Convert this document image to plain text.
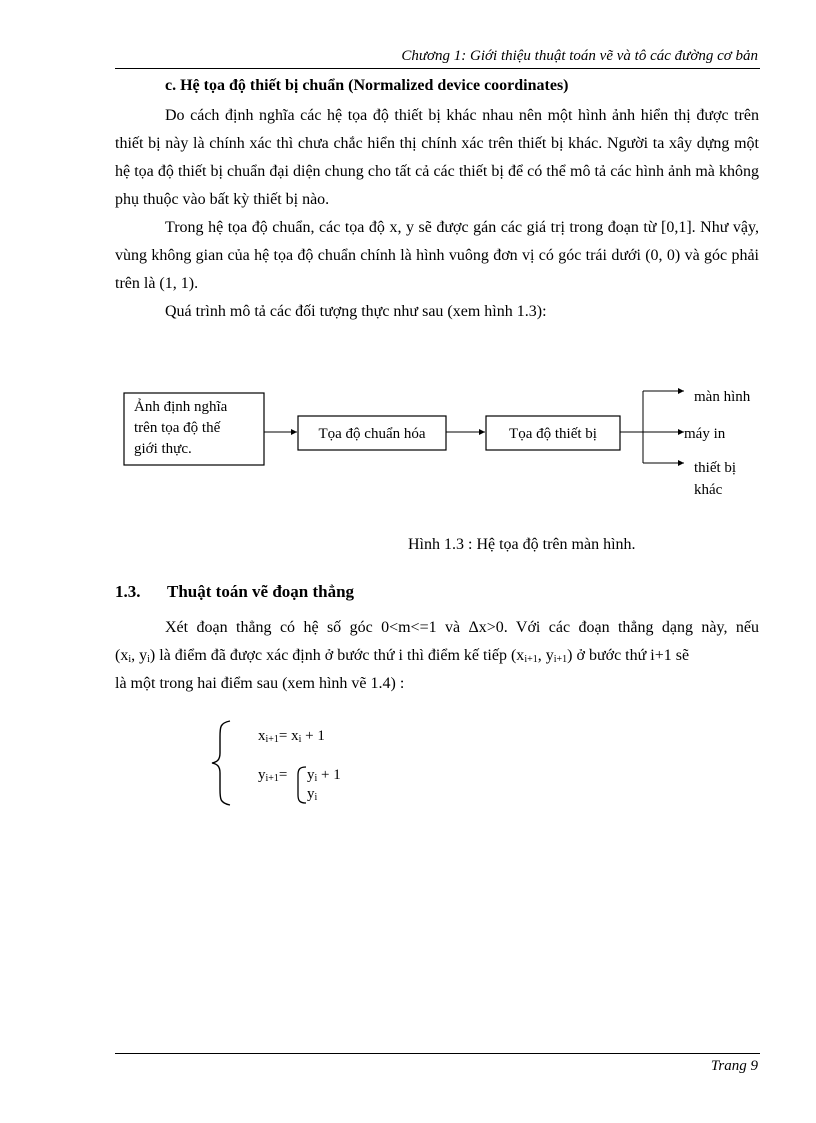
Chương 1: Giới thiệu thuật toán vẽ và tô các đường cơ bản
c. Hệ tọa độ thiết bị chuẩn (Normalized device coordinates)

Do cách định nghĩa các hệ tọa độ thiết bị khác nhau nên một hình ảnh hiển thị được trên thiết bị này là chính xác thì chưa chắc hiển thị chính xác trên thiết bị khác. Người ta xây dựng một hệ tọa độ thiết bị chuẩn đại diện chung cho tất cả các thiết bị để có thể mô tả các hình ảnh mà không phụ thuộc vào bất kỳ thiết bị nào.

Trong hệ tọa độ chuẩn, các tọa độ x, y sẽ được gán các giá trị trong đoạn từ [0,1]. Như vậy, vùng không gian của hệ tọa độ chuẩn chính là hình vuông đơn vị có góc trái dưới (0, 0) và góc phải trên là (1, 1).

Quá trình mô tả các đối tượng thực như sau (xem hình 1.3):

Ảnh định nghĩa
trên tọa độ thế
giới thực.
Tọa độ chuẩn hóa	Tọa độ thiết bị
màn hình
máy in
thiết bị
khác
Hình 1.3 : Hệ tọa độ trên màn hình.
1.3. Thuật toán vẽ đoạn thẳng

Xét đoạn thẳng có hệ số góc 0<m<=1 và Δx>0. Với các đoạn thẳng dạng này, nếu
($x_i$, $y_i$) là điểm đã được xác định ở bước thứ i thì điểm kế tiếp ($x_{i+1}$, $y_{i+1}$) ở bước thứ i+1 sẽ
là một trong hai điểm sau (xem hình vẽ 1.4) :

$x_{i+1}= x_i + 1$
$y_{i+1}= y_i + 1$
$y_i$
Trang 9
